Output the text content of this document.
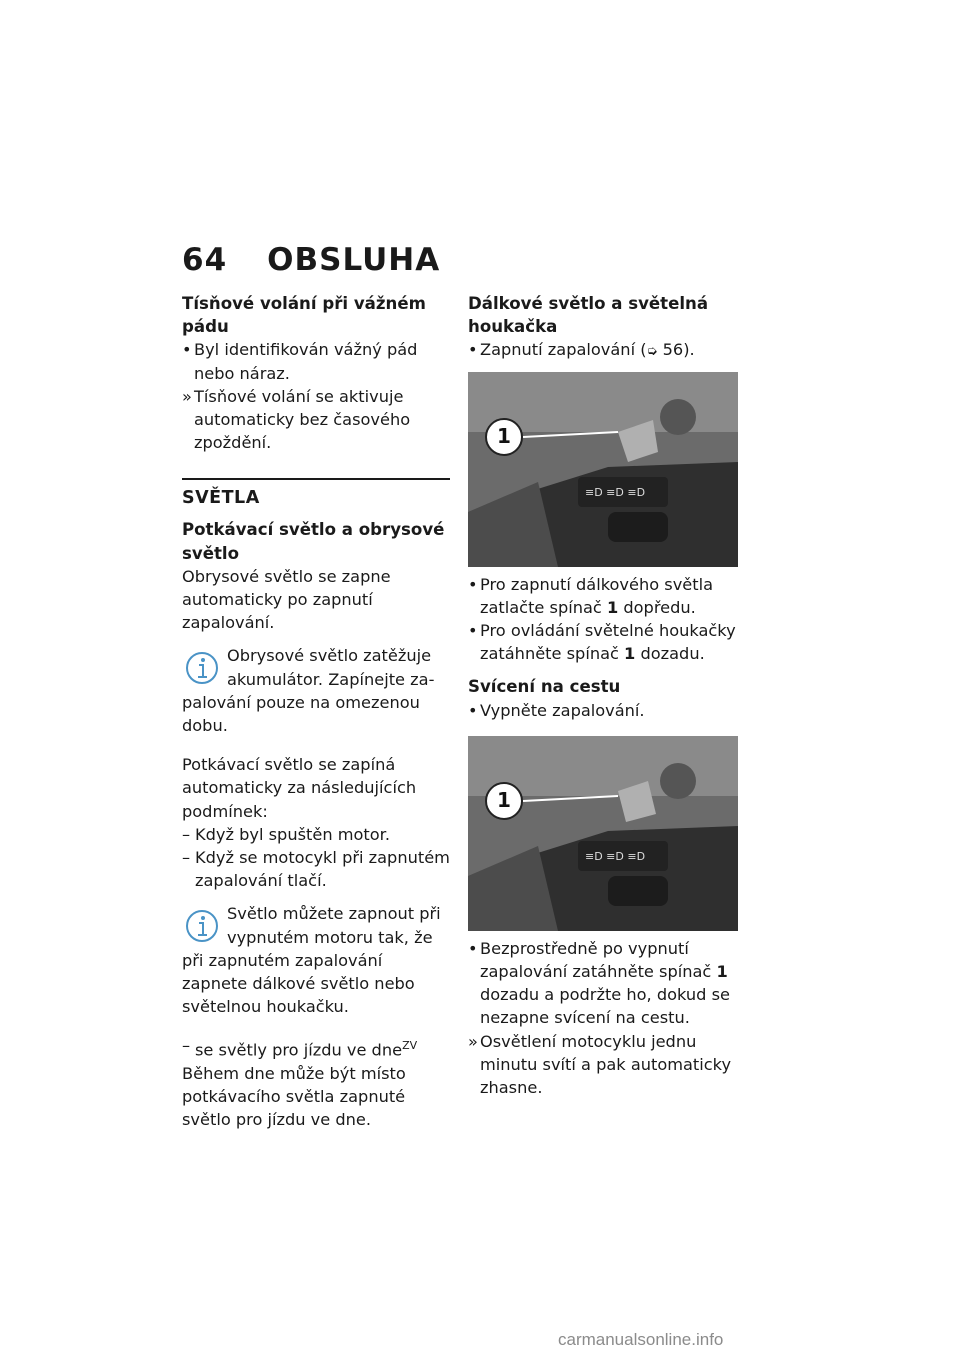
64 OBSLUHA
Tísňové volání při vážném pádu
• Byl identifikován vážný pád nebo náraz.
» Tísňové volání se aktivuje automaticky bez časového zpoždění.
SVĚTLA
Potkávací světlo a obrysové světlo

Obrysové světlo se zapne automaticky po zapnutí zapalování.

Obrysové světlo zatěžuje akumulátor. Zapínejte za-

palování pouze na omezenou dobu.

Potkávací světlo se zapíná automaticky za následujících podmínek:

– Když byl spuštěn motor.
– Když se motocykl při zapnutém zapalování tlačí.

Světlo můžete zapnout při vypnutém motoru tak, že

při zapnutém zapalování zapnete dálkové světlo nebo světelnou houkačku.

– se světly pro jízdu ve dne$^{ZV}$

Během dne může být místo potkávacího světla zapnuté světlo pro jízdu ve dne.

Dálkové světlo a světelná houkačka
• Zapnutí zapalování (➭ 56).
≡D ≡D ≡D
1
• Pro zapnutí dálkového světla zatlačte spínač 1 dopředu.
• Pro ovládání světelné houkačky zatáhněte spínač 1 dozadu.
Svícení na cestu
• Vypněte zapalování.
≡D ≡D ≡D
1
• Bezprostředně po vypnutí zapalování zatáhněte spínač 1 dozadu a podržte ho, dokud se nezapne svícení na cestu.
» Osvětlení motocyklu jednu minutu svítí a pak automaticky zhasne.
carmanualsonline.info
